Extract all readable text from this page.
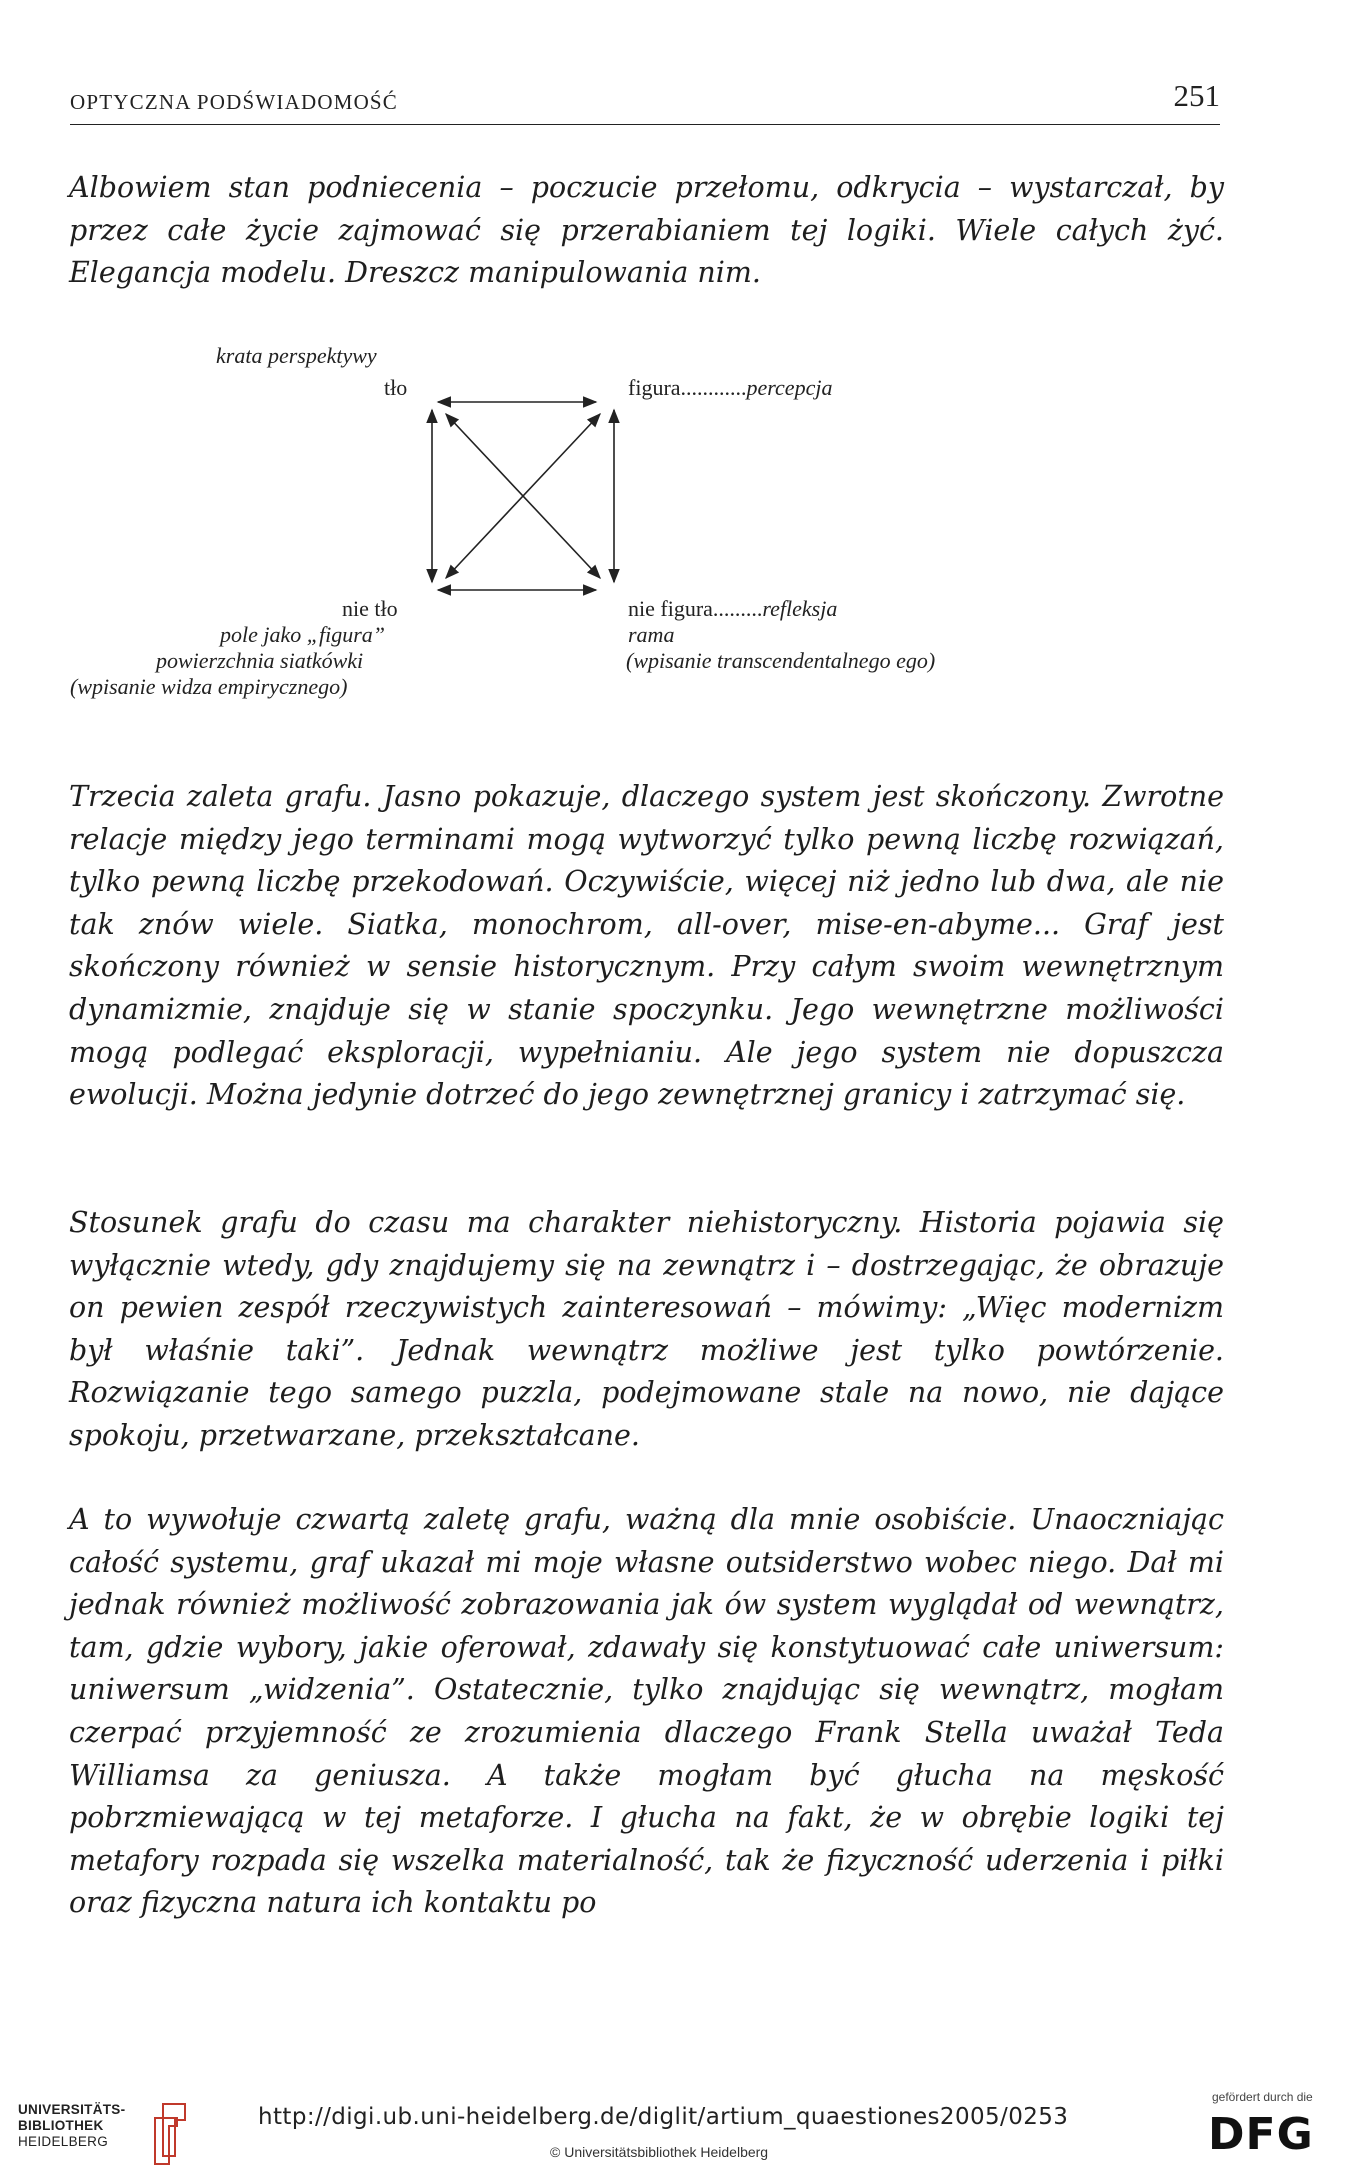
OPTYCZNA PODŚWIADOMOŚĆ	251

Albowiem stan podniecenia – poczucie przełomu, odkrycia – wystarczał, by przez całe życie zajmować się przerabianiem tej logiki. Wiele całych żyć. Elegancja modelu. Dreszcz manipulowania nim.

krata perspektywy
tło	figura............percepcja
nie tło
pole jako „figura”
powierzchnia siatkówki
(wpisanie widza empirycznego)
nie figura.........refleksja
rama
(wpisanie transcendentalnego ego)

Trzecia zaleta grafu. Jasno pokazuje, dlaczego system jest skończony. Zwrotne relacje między jego terminami mogą wytworzyć tylko pewną liczbę rozwiązań, tylko pewną liczbę przekodowań. Oczywiście, więcej niż jedno lub dwa, ale nie tak znów wiele. Siatka, monochrom, all-over, mise-en-abyme... Graf jest skończony również w sensie historycznym. Przy całym swoim wewnętrznym dynamizmie, znajduje się w stanie spoczynku. Jego wewnętrzne możliwości mogą podlegać eksploracji, wypełnianiu. Ale jego system nie dopuszcza ewolucji. Można jedynie dotrzeć do jego zewnętrznej granicy i zatrzymać się.

Stosunek grafu do czasu ma charakter niehistoryczny. Historia pojawia się wyłącznie wtedy, gdy znajdujemy się na zewnątrz i – dostrzegając, że obrazuje on pewien zespół rzeczywistych zainteresowań – mówimy: „Więc modernizm był właśnie taki”. Jednak wewnątrz możliwe jest tylko powtórzenie. Rozwiązanie tego samego puzzla, podejmowane stale na nowo, nie dające spokoju, przetwarzane, przekształcane.

A to wywołuje czwartą zaletę grafu, ważną dla mnie osobiście. Unaoczniając całość systemu, graf ukazał mi moje własne outsiderstwo wobec niego. Dał mi jednak również możliwość zobrazowania jak ów system wyglądał od wewnątrz, tam, gdzie wybory, jakie oferował, zdawały się konstytuować całe uniwersum: uniwersum „widzenia”. Ostatecznie, tylko znajdując się wewnątrz, mogłam czerpać przyjemność ze zrozumienia dlaczego Frank Stella uważał Teda Williamsa za geniusza. A także mogłam być głucha na męskość pobrzmiewającą w tej metaforze. I głucha na fakt, że w obrębie logiki tej metafory rozpada się wszelka materialność, tak że fizyczność uderzenia i piłki oraz fizyczna natura ich kontaktu po

UNIVERSITÄTS-
BIBLIOTHEK
HEIDELBERG
http://digi.ub.uni-heidelberg.de/diglit/artium_quaestiones2005/0253
© Universitätsbibliothek Heidelberg
gefördert durch die
DFG
